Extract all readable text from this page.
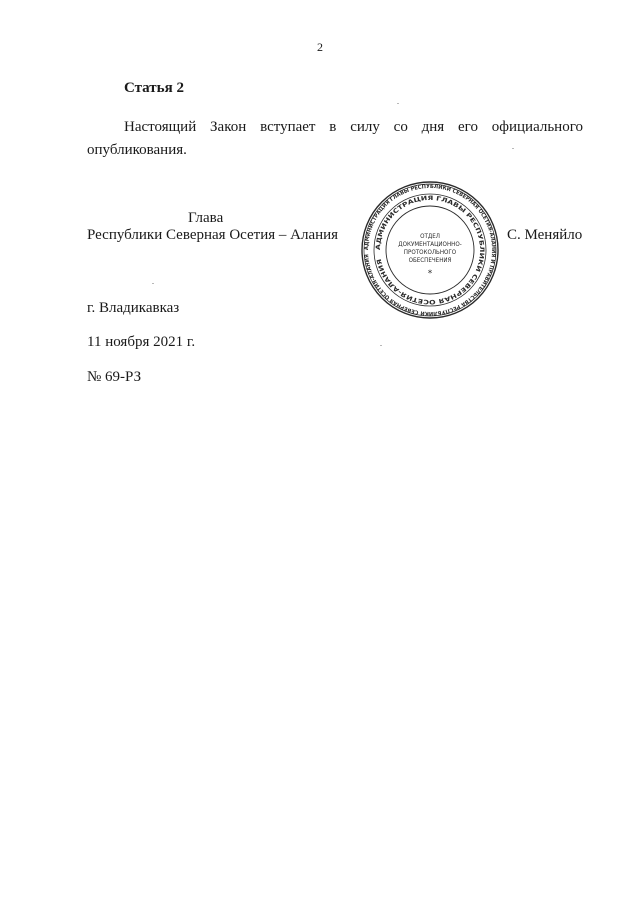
2
Статья 2
Настоящий Закон вступает в силу со дня его официального
опубликования.
Глава
Республики Северная Осетия – Алания	С. Меняйло
АДМИНИСТРАЦИЯ ГЛАВЫ РЕСПУБЛИКИ СЕВЕРНАЯ ОСЕТИЯ-АЛАНИЯ И ПРАВИТЕЛЬСТВА РЕСПУБЛИКИ СЕВЕРНАЯ ОСЕТИЯ-АЛАНИЯ
АДМИНИСТРАЦИЯ ГЛАВЫ РЕСПУБЛИКИ СЕВЕРНАЯ ОСЕТИЯ-АЛАНИЯ
ОТДЕЛ
ДОКУМЕНТАЦИОННО-
ПРОТОКОЛЬНОГО
ОБЕСПЕЧЕНИЯ
*
г. Владикавказ
11 ноября 2021 г.
№ 69-РЗ
